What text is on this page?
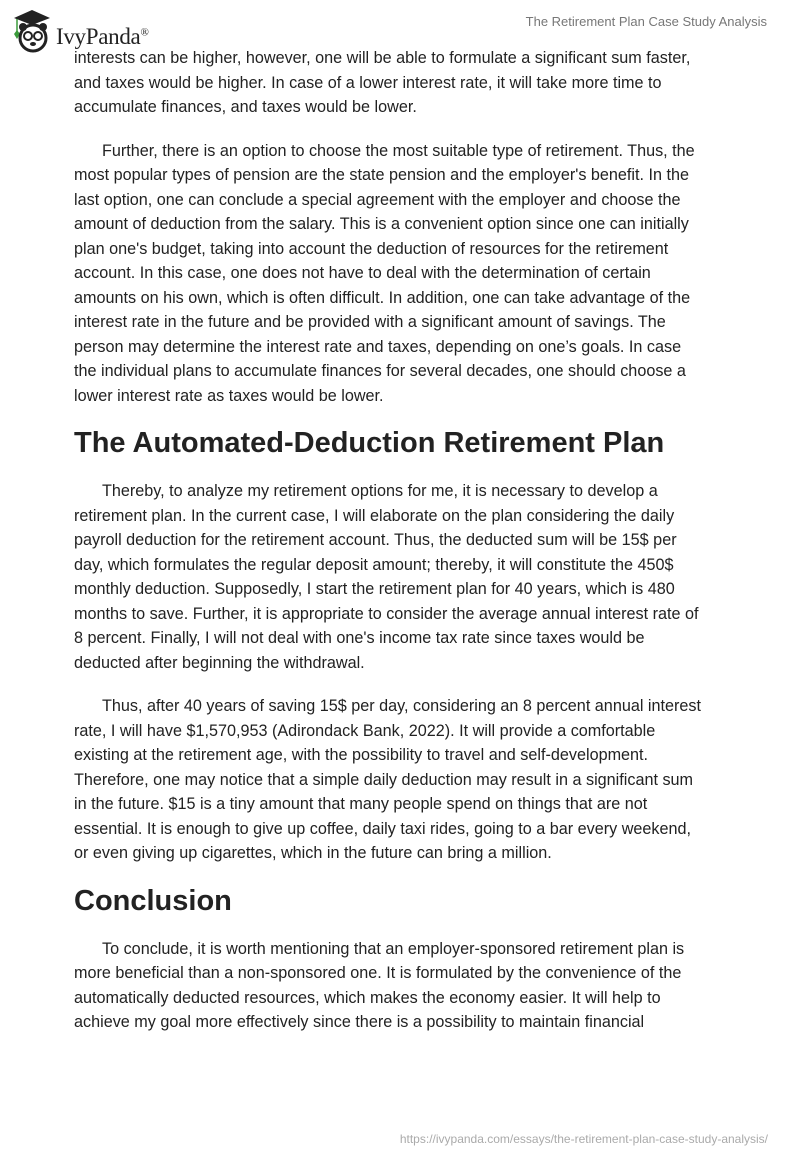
IvyPanda®
The Retirement Plan Case Study Analysis

interests can be higher, however, one will be able to formulate a significant sum faster,
and taxes would be higher. In case of a lower interest rate, it will take more time to
accumulate finances, and taxes would be lower.

Further, there is an option to choose the most suitable type of retirement. Thus, the
most popular types of pension are the state pension and the employer's benefit. In the
last option, one can conclude a special agreement with the employer and choose the
amount of deduction from the salary. This is a convenient option since one can initially
plan one's budget, taking into account the deduction of resources for the retirement
account. In this case, one does not have to deal with the determination of certain
amounts on his own, which is often difficult. In addition, one can take advantage of the
interest rate in the future and be provided with a significant amount of savings. The
person may determine the interest rate and taxes, depending on one’s goals. In case
the individual plans to accumulate finances for several decades, one should choose a
lower interest rate as taxes would be lower.

The Automated-Deduction Retirement Plan

Thereby, to analyze my retirement options for me, it is necessary to develop a
retirement plan. In the current case, I will elaborate on the plan considering the daily
payroll deduction for the retirement account. Thus, the deducted sum will be 15$ per
day, which formulates the regular deposit amount; thereby, it will constitute the 450$
monthly deduction. Supposedly, I start the retirement plan for 40 years, which is 480
months to save. Further, it is appropriate to consider the average annual interest rate of
8 percent. Finally, I will not deal with one's income tax rate since taxes would be
deducted after beginning the withdrawal.

Thus, after 40 years of saving 15$ per day, considering an 8 percent annual interest
rate, I will have $1,570,953 (Adirondack Bank, 2022). It will provide a comfortable
existing at the retirement age, with the possibility to travel and self-development.
Therefore, one may notice that a simple daily deduction may result in a significant sum
in the future. $15 is a tiny amount that many people spend on things that are not
essential. It is enough to give up coffee, daily taxi rides, going to a bar every weekend,
or even giving up cigarettes, which in the future can bring a million.

Conclusion

To conclude, it is worth mentioning that an employer-sponsored retirement plan is
more beneficial than a non-sponsored one. It is formulated by the convenience of the
automatically deducted resources, which makes the economy easier. It will help to
achieve my goal more effectively since there is a possibility to maintain financial

https://ivypanda.com/essays/the-retirement-plan-case-study-analysis/
